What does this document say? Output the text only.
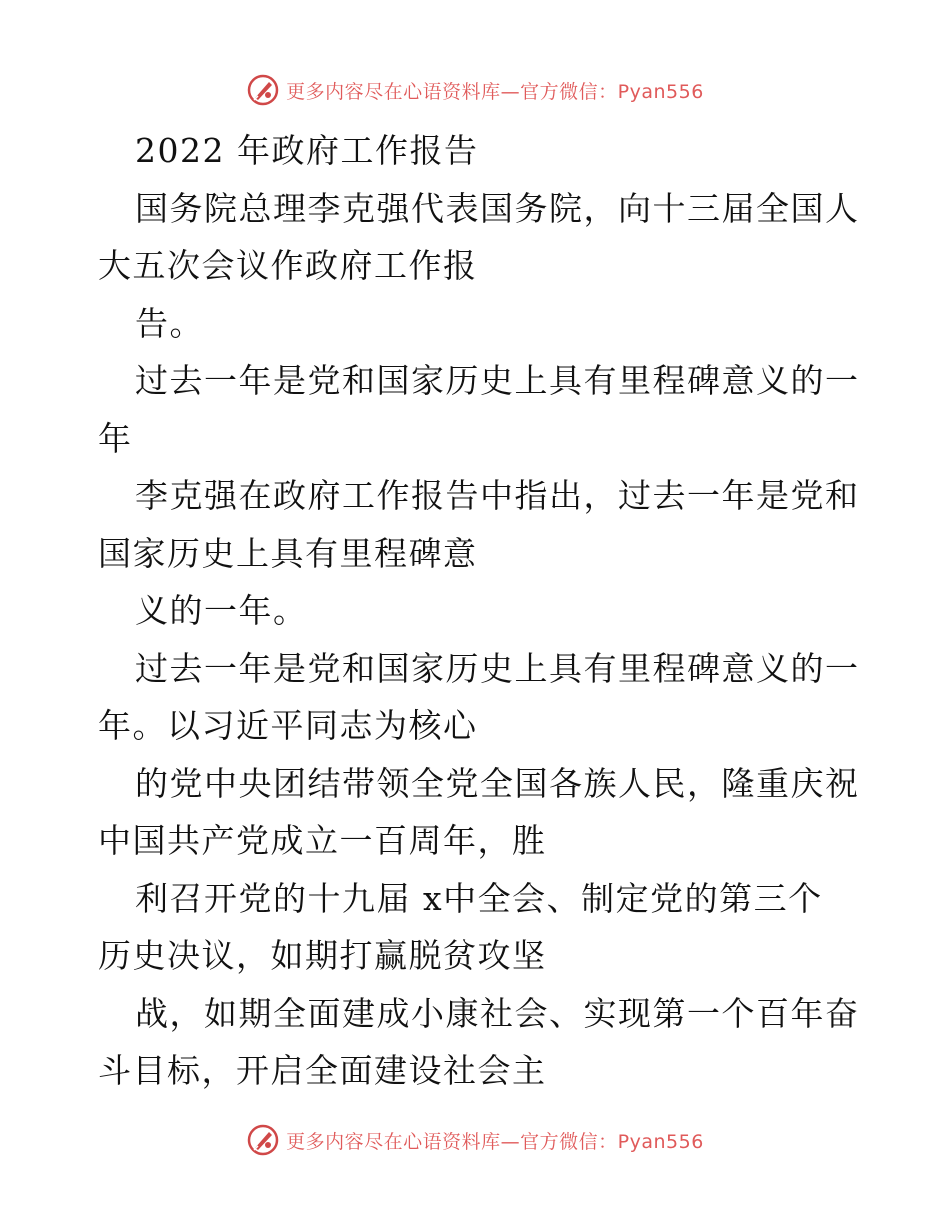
更多内容尽在心语资料库—官方微信：Pyan556
2022 年政府工作报告
国务院总理李克强代表国务院，向十三届全国人
大五次会议作政府工作报
告。
过去一年是党和国家历史上具有里程碑意义的一
年
李克强在政府工作报告中指出，过去一年是党和
国家历史上具有里程碑意
义的一年。
过去一年是党和国家历史上具有里程碑意义的一
年。以习近平同志为核心
的党中央团结带领全党全国各族人民，隆重庆祝
中国共产党成立一百周年，胜
利召开党的十九届 x中全会、制定党的第三个
历史决议，如期打赢脱贫攻坚
战，如期全面建成小康社会、实现第一个百年奋
斗目标，开启全面建设社会主
更多内容尽在心语资料库—官方微信：Pyan556
